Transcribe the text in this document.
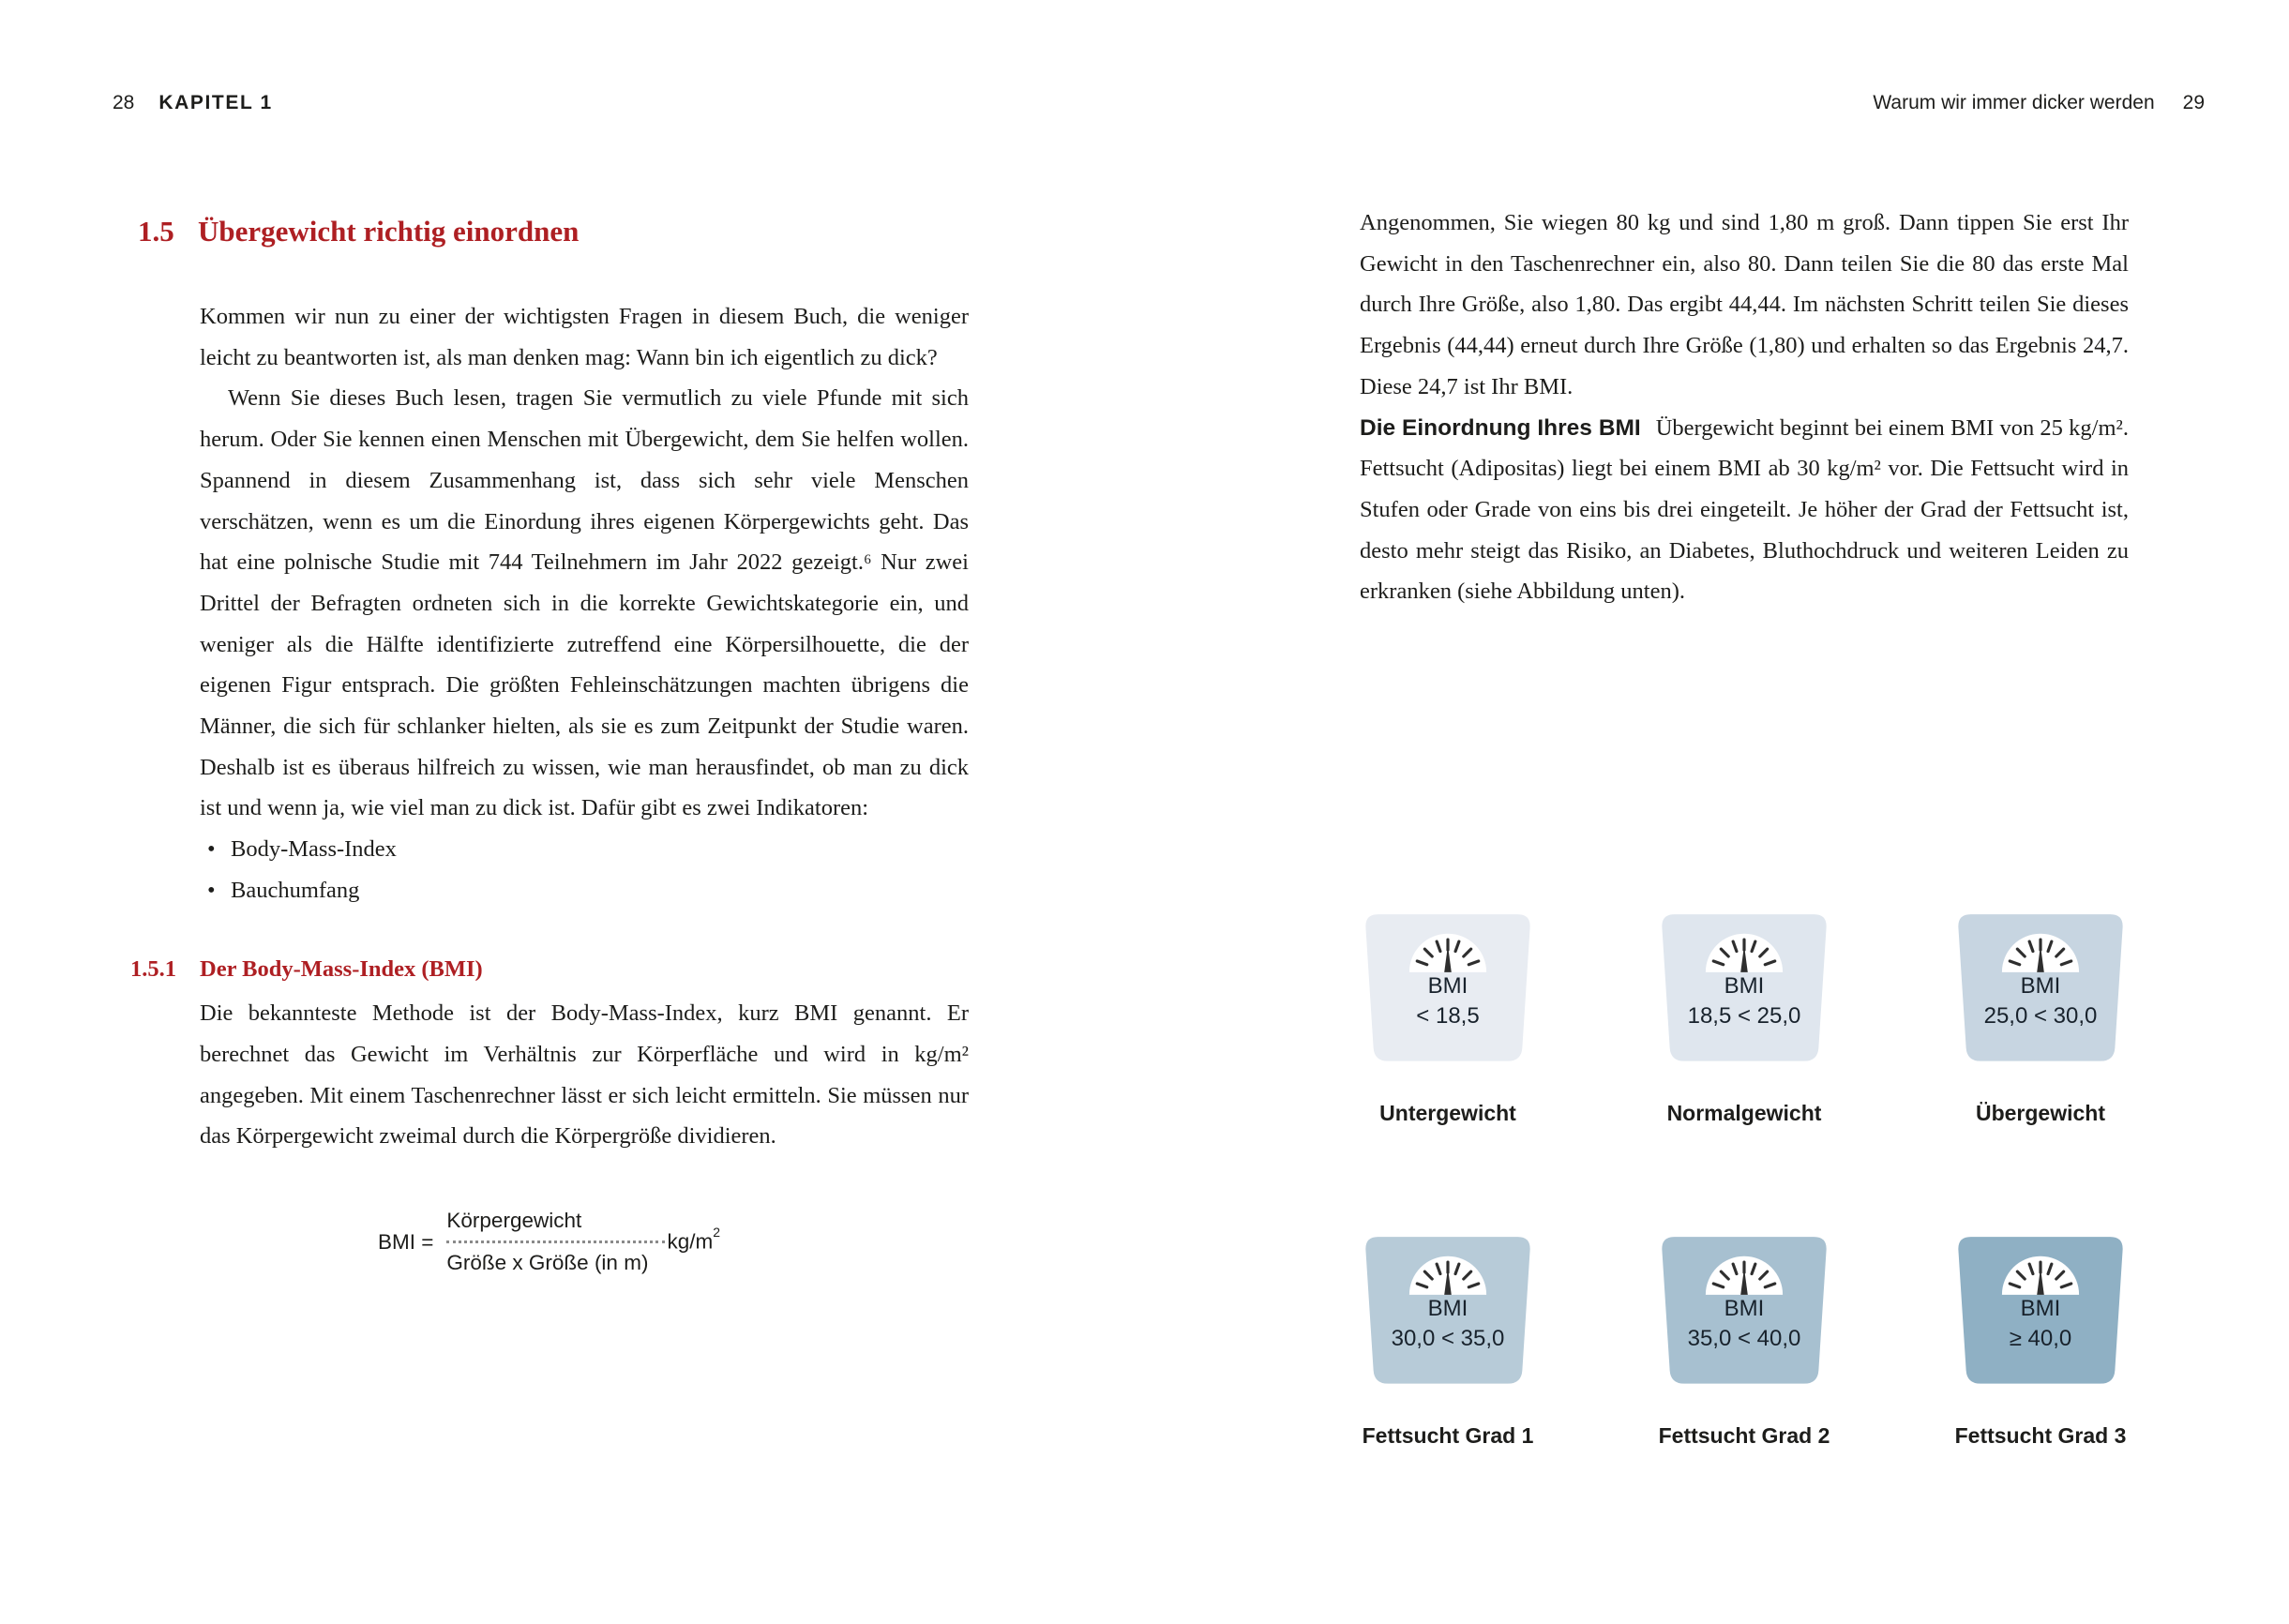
28 KAPITEL 1	Warum wir immer dicker werden 29
1.5 Übergewicht richtig einordnen

Kommen wir nun zu einer der wichtigsten Fragen in diesem Buch, die weniger leicht zu beantworten ist, als man denken mag: Wann bin ich eigentlich zu dick?

Wenn Sie dieses Buch lesen, tragen Sie vermutlich zu viele Pfunde mit sich herum. Oder Sie kennen einen Menschen mit Übergewicht, dem Sie helfen wollen. Spannend in diesem Zusammenhang ist, dass sich sehr viele Menschen verschätzen, wenn es um die Einordung ihres eigenen Körpergewichts geht. Das hat eine polnische Studie mit 744 Teilnehmern im Jahr 2022 gezeigt.⁶ Nur zwei Drittel der Befragten ordneten sich in die korrekte Gewichtskategorie ein, und weniger als die Hälfte identifizierte zutreffend eine Körpersilhouette, die der eigenen Figur entsprach. Die größten Fehleinschätzungen machten übrigens die Männer, die sich für schlanker hielten, als sie es zum Zeitpunkt der Studie waren. Deshalb ist es überaus hilfreich zu wissen, wie man herausfindet, ob man zu dick ist und wenn ja, wie viel man zu dick ist. Dafür gibt es zwei Indikatoren:

• Body-Mass-Index
• Bauchumfang
1.5.1	Der Body-Mass-Index (BMI)

Die bekannteste Methode ist der Body-Mass-Index, kurz BMI genannt. Er berechnet das Gewicht im Verhältnis zur Körperfläche und wird in kg/m² angegeben. Mit einem Taschenrechner lässt er sich leicht ermitteln. Sie müssen nur das Körpergewicht zweimal durch die Körpergröße dividieren.

BMI = $\frac{\text{Körpergewicht}}{\text{Größe x Größe (in m)}} kg/m^2$

Angenommen, Sie wiegen 80 kg und sind 1,80 m groß. Dann tippen Sie erst Ihr Gewicht in den Taschenrechner ein, also 80. Dann teilen Sie die 80 das erste Mal durch Ihre Größe, also 1,80. Das ergibt 44,44. Im nächsten Schritt teilen Sie dieses Ergebnis (44,44) erneut durch Ihre Größe (1,80) und erhalten so das Ergebnis 24,7. Diese 24,7 ist Ihr BMI.

Die Einordnung Ihres BMI Übergewicht beginnt bei einem BMI von 25 kg/m². Fettsucht (Adipositas) liegt bei einem BMI ab 30 kg/m² vor. Die Fettsucht wird in Stufen oder Grade von eins bis drei eingeteilt. Je höher der Grad der Fettsucht ist, desto mehr steigt das Risiko, an Diabetes, Bluthochdruck und weiteren Leiden zu erkranken (siehe Abbildung unten).

BMI
< 18,5
Untergewicht
BMI
18,5 < 25,0
Normalgewicht
BMI
25,0 < 30,0
Übergewicht
BMI
30,0 < 35,0
Fettsucht Grad 1
BMI
35,0 < 40,0
Fettsucht Grad 2
BMI
≥ 40,0
Fettsucht Grad 3
